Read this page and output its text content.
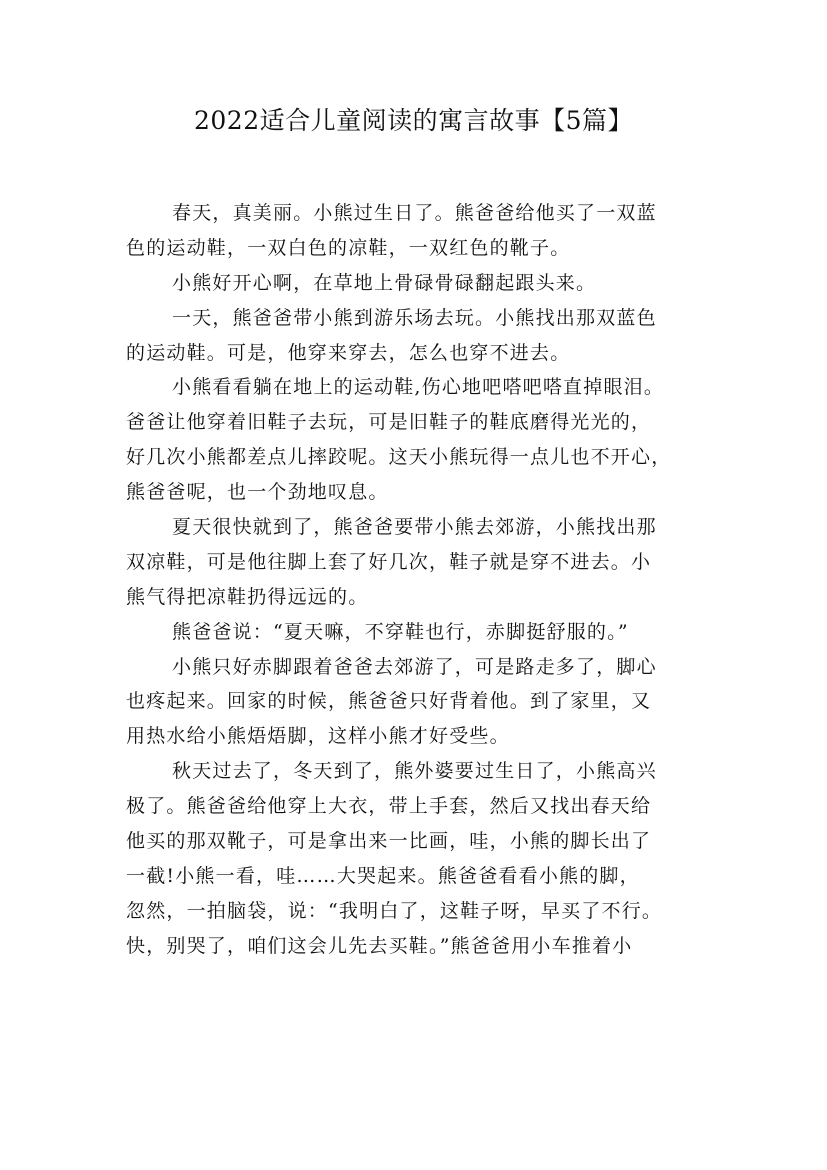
2022适合儿童阅读的寓言故事【5篇】
春天，真美丽。小熊过生日了。熊爸爸给他买了一双蓝
色的运动鞋，一双白色的凉鞋，一双红色的靴子。
小熊好开心啊，在草地上骨碌骨碌翻起跟头来。
一天，熊爸爸带小熊到游乐场去玩。小熊找出那双蓝色
的运动鞋。可是，他穿来穿去，怎么也穿不进去。
小熊看看躺在地上的运动鞋,伤心地吧嗒吧嗒直掉眼泪。
爸爸让他穿着旧鞋子去玩，可是旧鞋子的鞋底磨得光光的，
好几次小熊都差点儿摔跤呢。这天小熊玩得一点儿也不开心，
熊爸爸呢，也一个劲地叹息。
夏天很快就到了，熊爸爸要带小熊去郊游，小熊找出那
双凉鞋，可是他往脚上套了好几次，鞋子就是穿不进去。小
熊气得把凉鞋扔得远远的。
熊爸爸说：“夏天嘛，不穿鞋也行，赤脚挺舒服的。”
小熊只好赤脚跟着爸爸去郊游了，可是路走多了，脚心
也疼起来。回家的时候，熊爸爸只好背着他。到了家里，又
用热水给小熊焐焐脚，这样小熊才好受些。
秋天过去了，冬天到了，熊外婆要过生日了，小熊高兴
极了。熊爸爸给他穿上大衣，带上手套，然后又找出春天给
他买的那双靴子，可是拿出来一比画，哇，小熊的脚长出了
一截!小熊一看，哇……大哭起来。熊爸爸看看小熊的脚，
忽然，一拍脑袋，说：“我明白了，这鞋子呀，早买了不行。
快，别哭了，咱们这会儿先去买鞋。”熊爸爸用小车推着小
